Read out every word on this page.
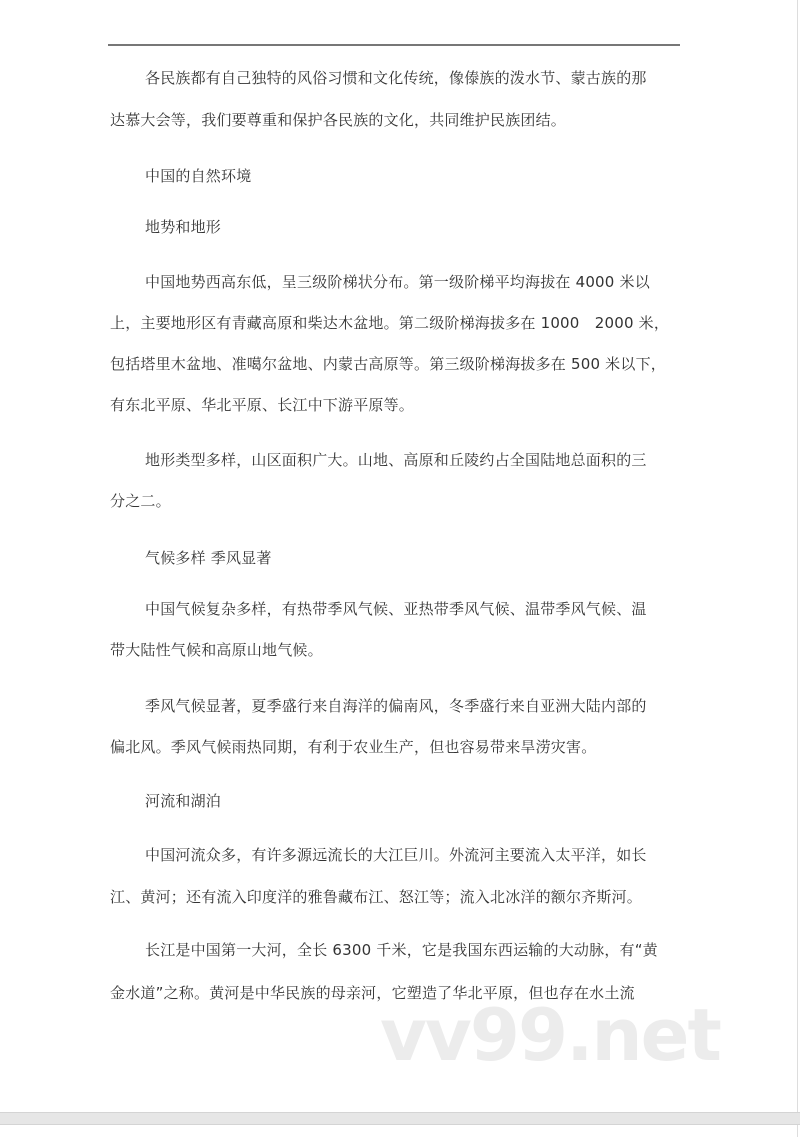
各民族都有自己独特的风俗习惯和文化传统，像傣族的泼水节、蒙古族的那
达慕大会等，我们要尊重和保护各民族的文化，共同维护民族团结。
中国的自然环境
地势和地形
中国地势西高东低，呈三级阶梯状分布。第一级阶梯平均海拔在 4000 米以
上，主要地形区有青藏高原和柴达木盆地。第二级阶梯海拔多在 1000　2000 米，
包括塔里木盆地、准噶尔盆地、内蒙古高原等。第三级阶梯海拔多在 500 米以下，
有东北平原、华北平原、长江中下游平原等。
地形类型多样，山区面积广大。山地、高原和丘陵约占全国陆地总面积的三
分之二。
气候多样 季风显著
中国气候复杂多样，有热带季风气候、亚热带季风气候、温带季风气候、温
带大陆性气候和高原山地气候。
季风气候显著，夏季盛行来自海洋的偏南风，冬季盛行来自亚洲大陆内部的
偏北风。季风气候雨热同期，有利于农业生产，但也容易带来旱涝灾害。
河流和湖泊
中国河流众多，有许多源远流长的大江巨川。外流河主要流入太平洋，如长
江、黄河；还有流入印度洋的雅鲁藏布江、怒江等；流入北冰洋的额尔齐斯河。
长江是中国第一大河，全长 6300 千米，它是我国东西运输的大动脉，有“黄
金水道”之称。黄河是中华民族的母亲河，它塑造了华北平原，但也存在水土流
vv99.net
